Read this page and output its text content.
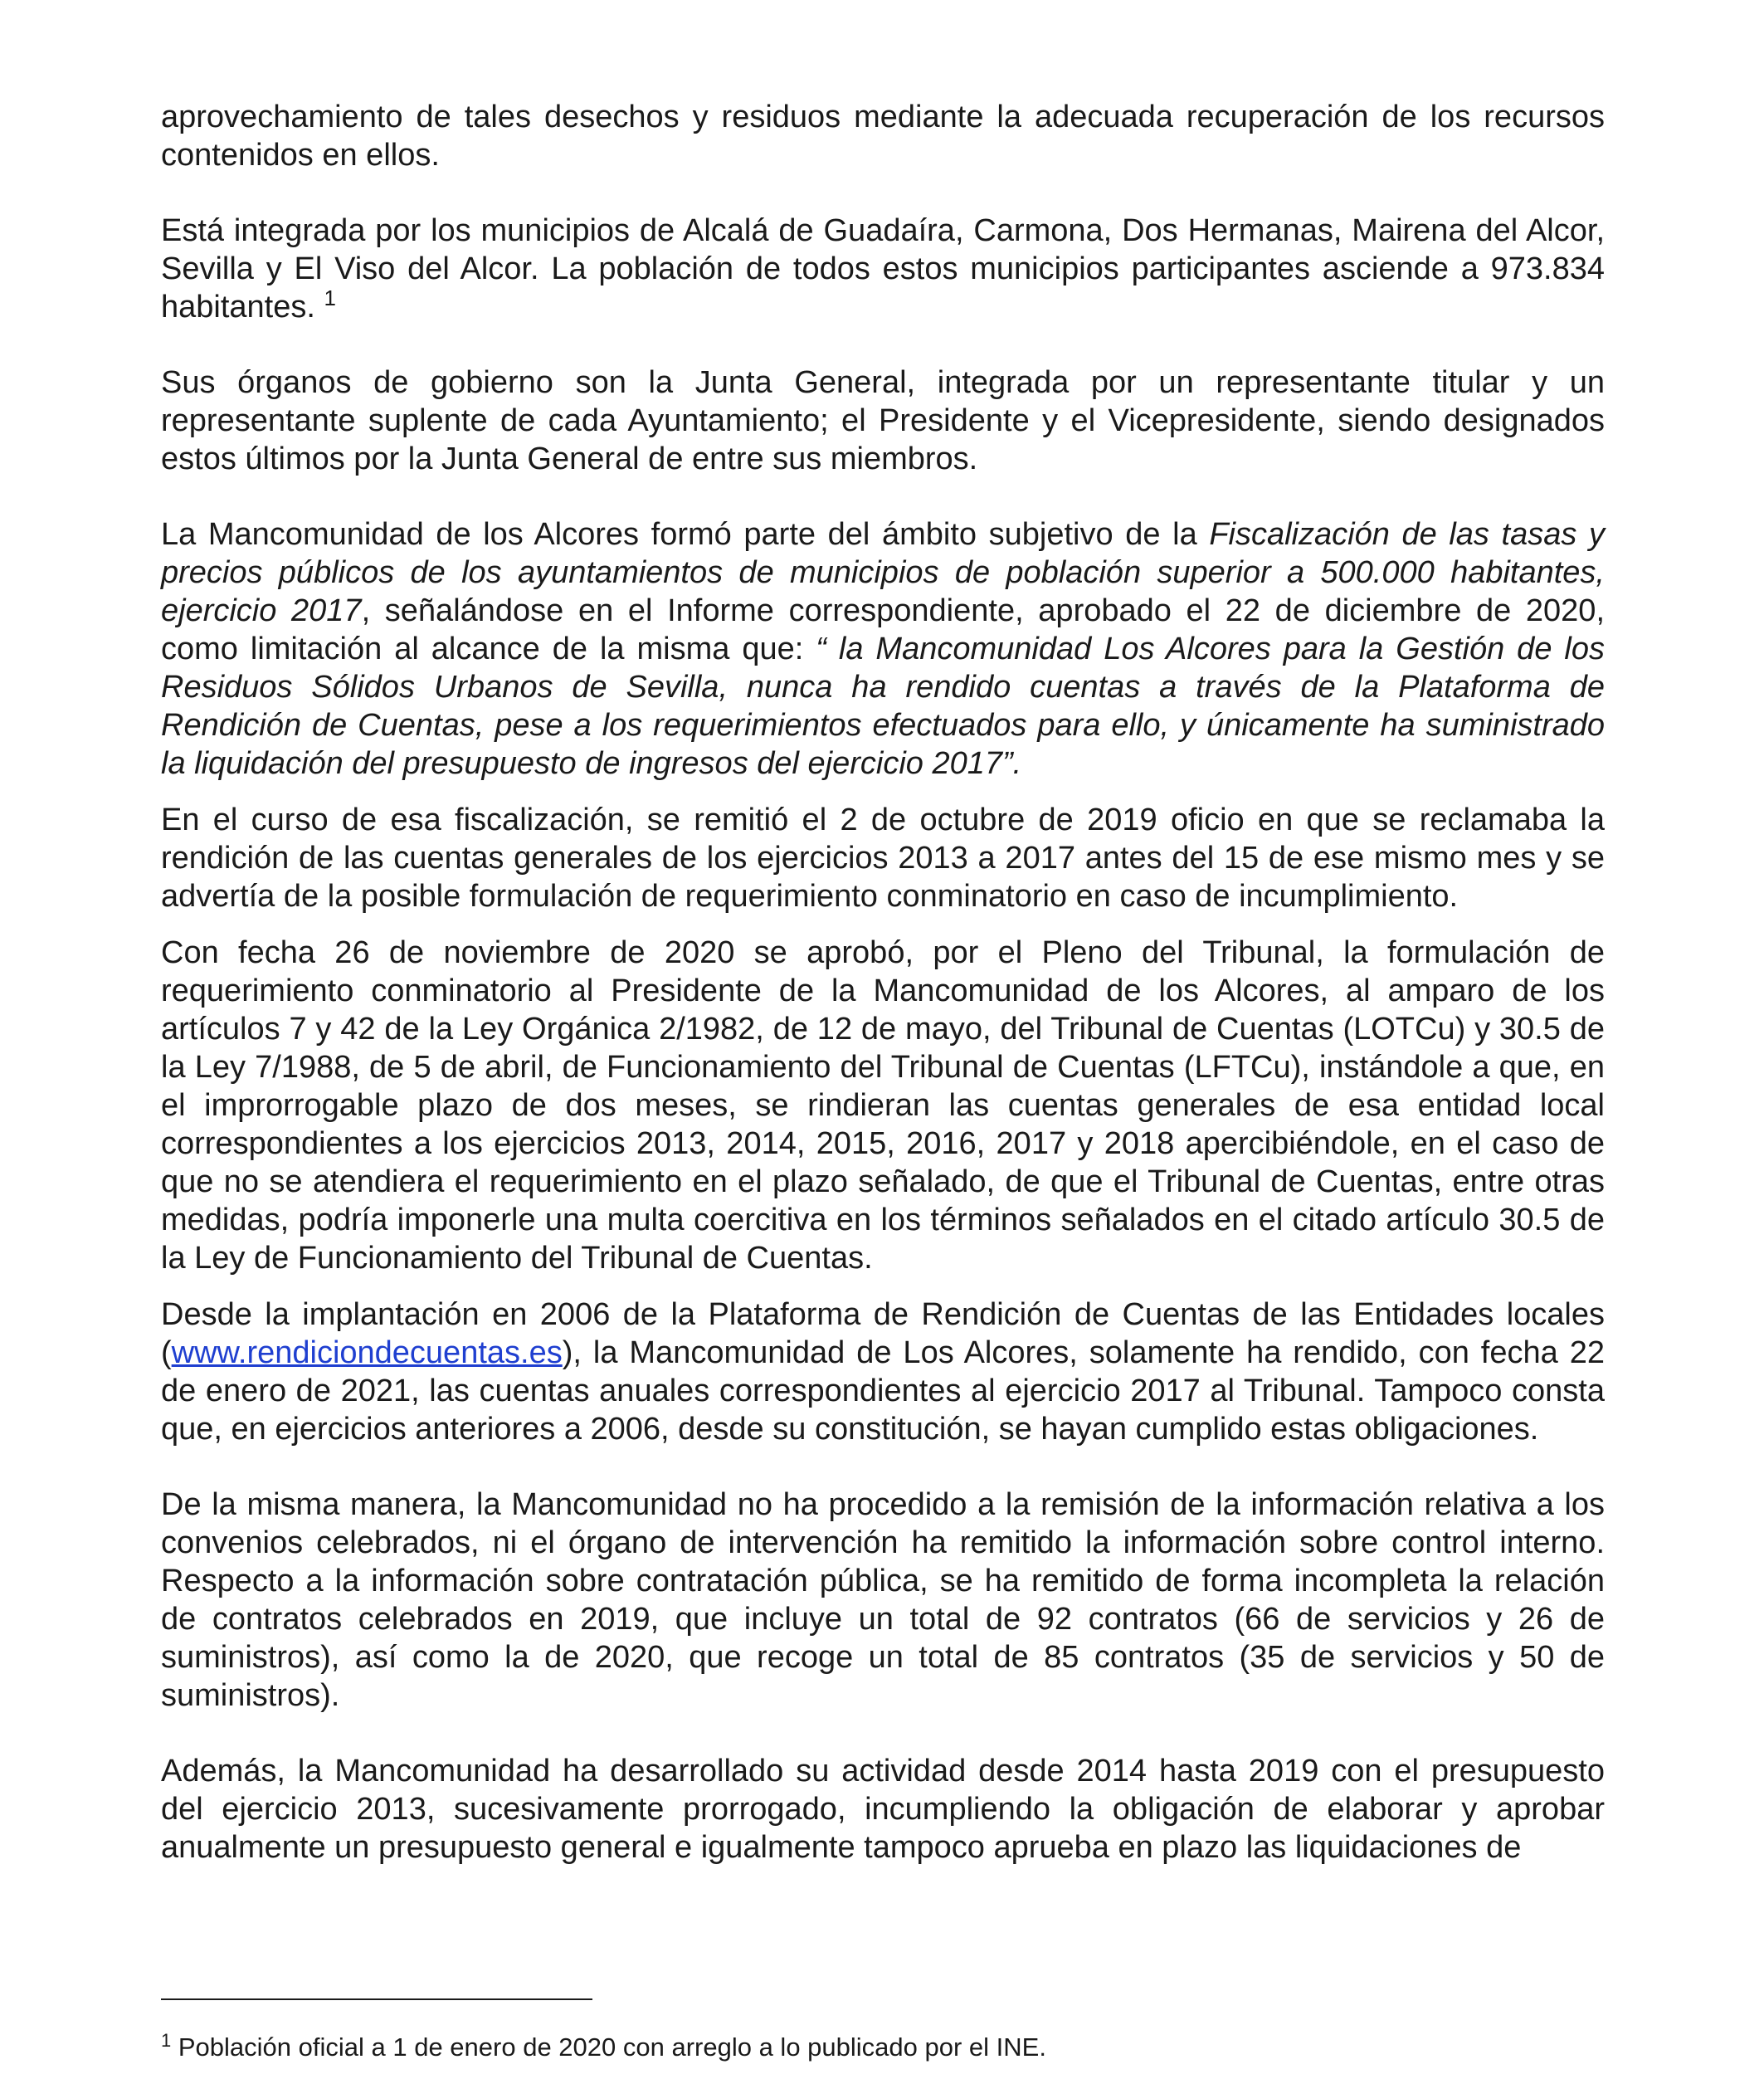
aprovechamiento de tales desechos y residuos mediante la adecuada recuperación de los recursos contenidos en ellos.

Está integrada por los municipios de Alcalá de Guadaíra, Carmona, Dos Hermanas, Mairena del Alcor, Sevilla y El Viso del Alcor. La población de todos estos municipios participantes asciende a 973.834 habitantes. $^1$

Sus órganos de gobierno son la Junta General, integrada por un representante titular y un representante suplente de cada Ayuntamiento; el Presidente y el Vicepresidente, siendo designados estos últimos por la Junta General de entre sus miembros.

La Mancomunidad de los Alcores formó parte del ámbito subjetivo de la Fiscalización de las tasas y precios públicos de los ayuntamientos de municipios de población superior a 500.000 habitantes, ejercicio 2017, señalándose en el Informe correspondiente, aprobado el 22 de diciembre de 2020, como limitación al alcance de la misma que: “ la Mancomunidad Los Alcores para la Gestión de los Residuos Sólidos Urbanos de Sevilla, nunca ha rendido cuentas a través de la Plataforma de Rendición de Cuentas, pese a los requerimientos efectuados para ello, y únicamente ha suministrado la liquidación del presupuesto de ingresos del ejercicio 2017”.

En el curso de esa fiscalización, se remitió el 2 de octubre de 2019 oficio en que se reclamaba la rendición de las cuentas generales de los ejercicios 2013 a 2017 antes del 15 de ese mismo mes y se advertía de la posible formulación de requerimiento conminatorio en caso de incumplimiento.

Con fecha 26 de noviembre de 2020 se aprobó, por el Pleno del Tribunal, la formulación de requerimiento conminatorio al Presidente de la Mancomunidad de los Alcores, al amparo de los artículos 7 y 42 de la Ley Orgánica 2/1982, de 12 de mayo, del Tribunal de Cuentas (LOTCu) y 30.5 de la Ley 7/1988, de 5 de abril, de Funcionamiento del Tribunal de Cuentas (LFTCu), instándole a que, en el improrrogable plazo de dos meses, se rindieran las cuentas generales de esa entidad local correspondientes a los ejercicios 2013, 2014, 2015, 2016, 2017 y 2018 apercibiéndole, en el caso de que no se atendiera el requerimiento en el plazo señalado, de que el Tribunal de Cuentas, entre otras medidas, podría imponerle una multa coercitiva en los términos señalados en el citado artículo 30.5 de la Ley de Funcionamiento del Tribunal de Cuentas.

Desde la implantación en 2006 de la Plataforma de Rendición de Cuentas de las Entidades locales (www.rendiciondecuentas.es), la Mancomunidad de Los Alcores, solamente ha rendido, con fecha 22 de enero de 2021, las cuentas anuales correspondientes al ejercicio 2017 al Tribunal. Tampoco consta que, en ejercicios anteriores a 2006, desde su constitución, se hayan cumplido estas obligaciones.

De la misma manera, la Mancomunidad no ha procedido a la remisión de la información relativa a los convenios celebrados, ni el órgano de intervención ha remitido la información sobre control interno. Respecto a la información sobre contratación pública, se ha remitido de forma incompleta la relación de contratos celebrados en 2019, que incluye un total de 92 contratos (66 de servicios y 26 de suministros), así como la de 2020, que recoge un total de 85 contratos (35 de servicios y 50 de suministros).

Además, la Mancomunidad ha desarrollado su actividad desde 2014 hasta 2019 con el presupuesto del ejercicio 2013, sucesivamente prorrogado, incumpliendo la obligación de elaborar y aprobar anualmente un presupuesto general e igualmente tampoco aprueba en plazo las liquidaciones de

$^1$ Población oficial a 1 de enero de 2020 con arreglo a lo publicado por el INE.
